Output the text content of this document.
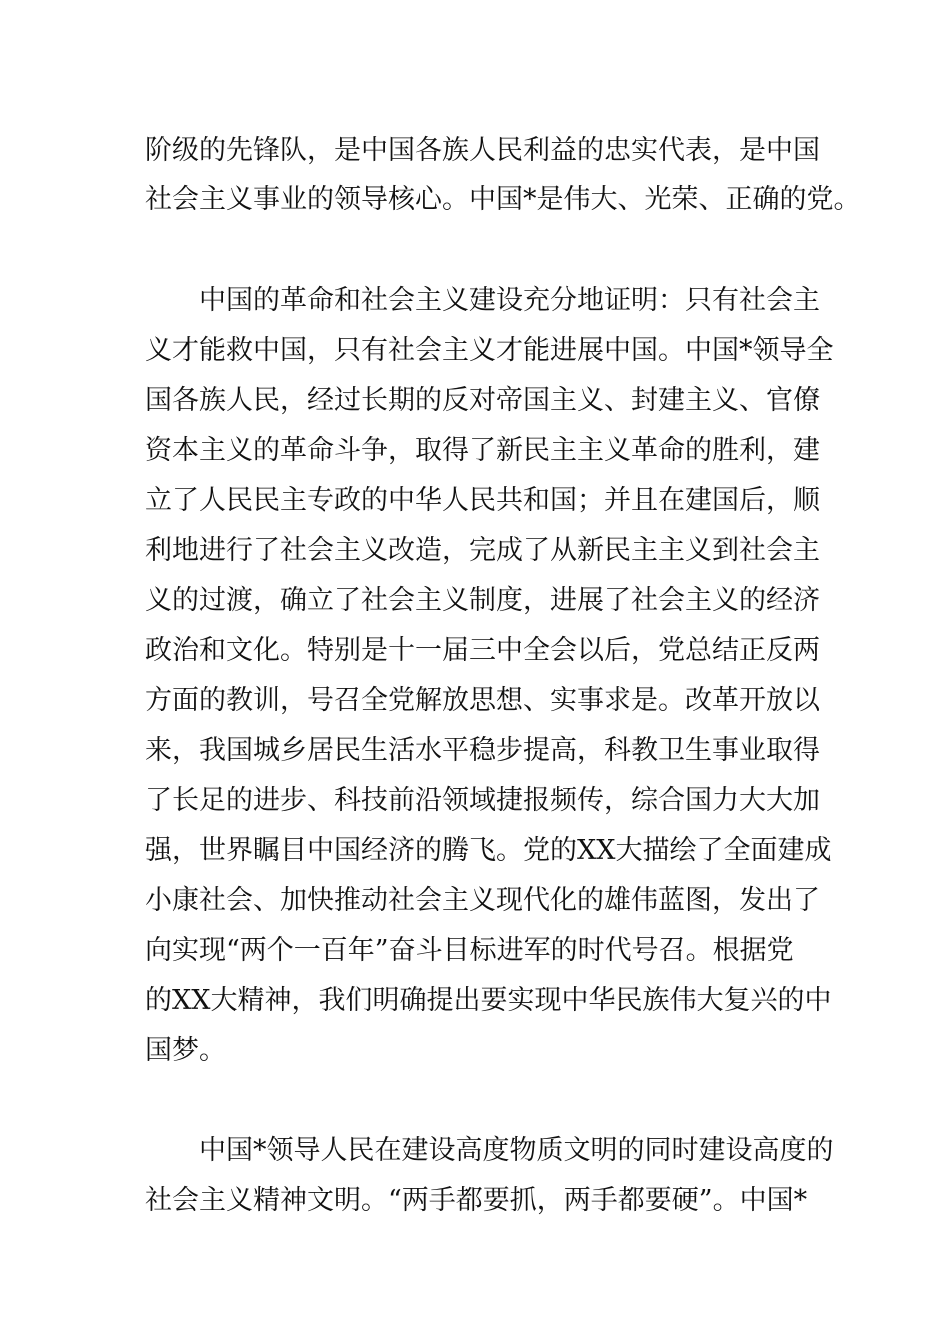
阶级的先锋队，是中国各族人民利益的忠实代表，是中国
社会主义事业的领导核心。中国*是伟大、光荣、正确的党。
　　中国的革命和社会主义建设充分地证明：只有社会主
义才能救中国，只有社会主义才能进展中国。中国*领导全
国各族人民，经过长期的反对帝国主义、封建主义、官僚
资本主义的革命斗争，取得了新民主主义革命的胜利，建
立了人民民主专政的中华人民共和国；并且在建国后，顺
利地进行了社会主义改造，完成了从新民主主义到社会主
义的过渡，确立了社会主义制度，进展了社会主义的经济
政治和文化。特别是十一届三中全会以后，党总结正反两
方面的教训，号召全党解放思想、实事求是。改革开放以
来，我国城乡居民生活水平稳步提高，科教卫生事业取得
了长足的进步、科技前沿领域捷报频传，综合国力大大加
强，世界瞩目中国经济的腾飞。党的XX大描绘了全面建成
小康社会、加快推动社会主义现代化的雄伟蓝图，发出了
向实现“两个一百年”奋斗目标进军的时代号召。根据党
的XX大精神，我们明确提出要实现中华民族伟大复兴的中
国梦。
　　中国*领导人民在建设高度物质文明的同时建设高度的
社会主义精神文明。“两手都要抓，两手都要硬”。中国*
